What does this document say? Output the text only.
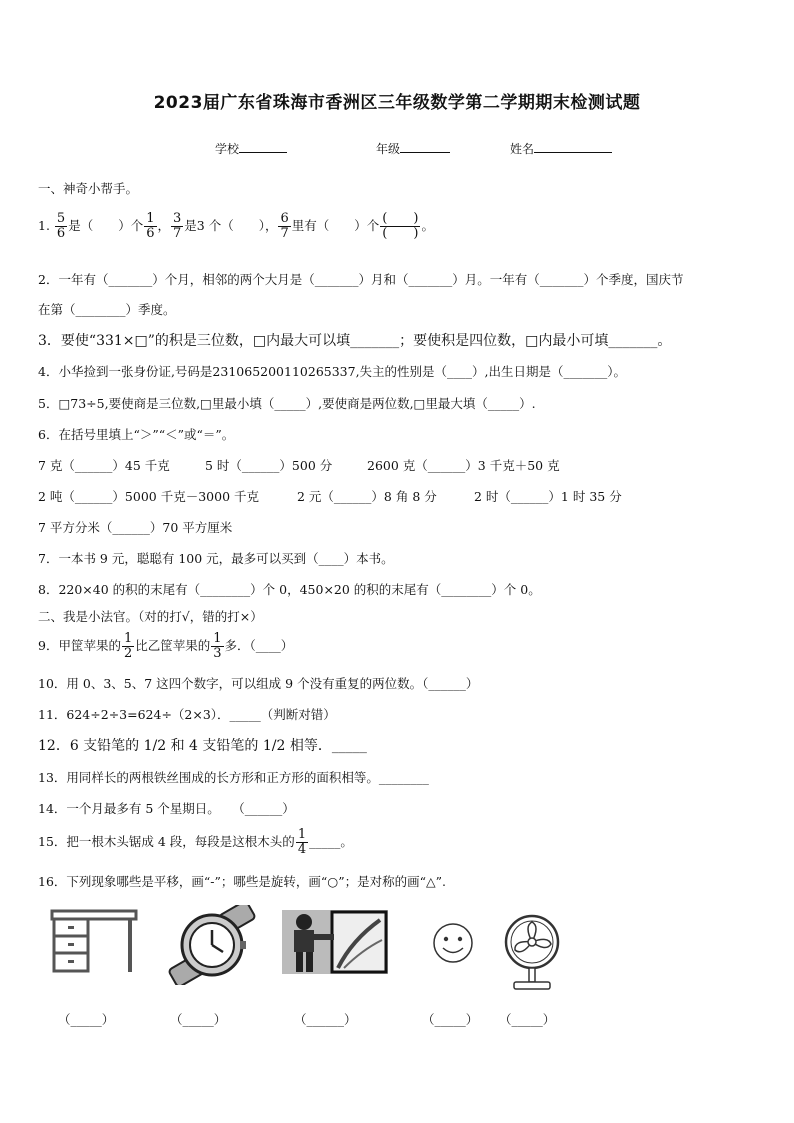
2023届广东省珠海市香洲区三年级数学第二学期期末检测试题
学校	年级	姓名
一、神奇小帮手。
1. $\frac{5}{6}$ 是（　　）个 $\frac{1}{6}$ ， $\frac{3}{7}$ 是3 个（　　）， $\frac{6}{7}$ 里有（　　）个 $\frac{( )}{( )}$ 。
2．一年有（_______）个月，相邻的两个大月是（_______）月和（_______）月。一年有（_______）个季度，国庆节
在第（________）季度。
3．要使“331×□”的积是三位数，□内最大可以填_______；要使积是四位数，□内最小可填_______。
4．小华捡到一张身份证,号码是231065200110265337,失主的性别是（____）,出生日期是（_______）。
5．□73÷5,要使商是三位数,□里最小填（_____）,要使商是两位数,□里最大填（_____）.
6．在括号里填上“＞”“＜”或“＝”。
7 克（______）45 千克	5 时（______）500 分	2600 克（______）3 千克＋50 克
2 吨（______）5000 千克－3000 千克	2 元（______）8 角 8 分	2 时（______）1 时 35 分
7 平方分米（______）70 平方厘米
7．一本书 9 元，聪聪有 100 元，最多可以买到（____）本书。
8．220×40 的积的末尾有（________）个 0，450×20 的积的末尾有（________）个 0。
二、我是小法官。（对的打√，错的打×）
9．甲筐苹果的 $\frac{1}{2}$ 比乙筐苹果的 $\frac{1}{3}$ 多．（____）
10．用 0、3、5、7 这四个数字，可以组成 9 个没有重复的两位数。（______）
11．624÷2÷3=624÷（2×3）．_____（判断对错）
12．6 支铅笔的 1/2 和 4 支铅笔的 1/2 相等．_____
13．用同样长的两根铁丝围成的长方形和正方形的面积相等。________
14．一个月最多有 5 个星期日。　　（______）
15．把一根木头锯成 4 段，每段是这根木头的 $\frac{1}{4}$ _____。
16．下列现象哪些是平移，画“-”；哪些是旋转，画“○”；是对称的画“△”.
（_____）	（_____）	（______）	（_____） （_____）
